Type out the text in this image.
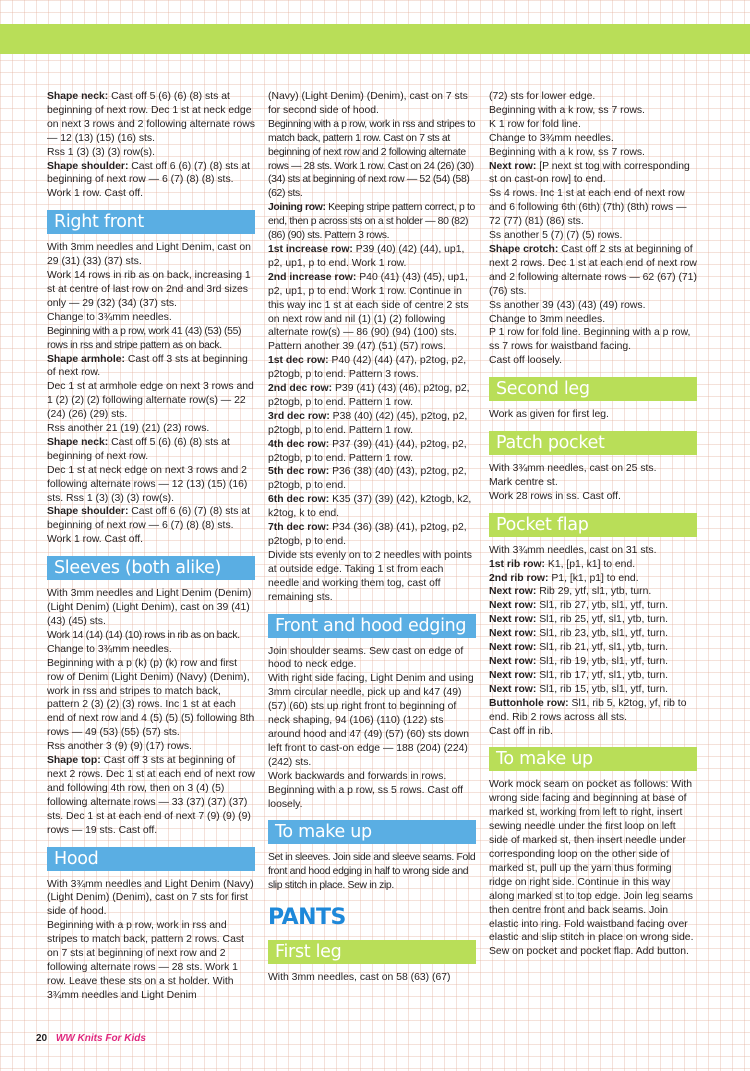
Shape neck: Cast off 5 (6) (6) (8) sts at beginning of next row. Dec 1 st at neck edge on next 3 rows and 2 following alternate rows — 12 (13) (15) (16) sts.

Rss 1 (3) (3) (3) row(s).

Shape shoulder: Cast off 6 (6) (7) (8) sts at beginning of next row — 6 (7) (8) (8) sts. Work 1 row. Cast off.

Right front

With 3mm needles and Light Denim, cast on 29 (31) (33) (37) sts.

Work 14 rows in rib as on back, increasing 1 st at centre of last row on 2nd and 3rd sizes only — 29 (32) (34) (37) sts.

Change to 3¾mm needles.

Beginning with a p row, work 41 (43) (53) (55) rows in rss and stripe pattern as on back.

Shape armhole: Cast off 3 sts at beginning of next row.

Dec 1 st at armhole edge on next 3 rows and 1 (2) (2) (2) following alternate row(s) — 22 (24) (26) (29) sts.

Rss another 21 (19) (21) (23) rows.

Shape neck: Cast off 5 (6) (6) (8) sts at beginning of next row.

Dec 1 st at neck edge on next 3 rows and 2 following alternate rows — 12 (13) (15) (16) sts. Rss 1 (3) (3) (3) row(s).

Shape shoulder: Cast off 6 (6) (7) (8) sts at beginning of next row — 6 (7) (8) (8) sts. Work 1 row. Cast off.

Sleeves (both alike)

With 3mm needles and Light Denim (Denim) (Light Denim) (Light Denim), cast on 39 (41) (43) (45) sts.

Work 14 (14) (14) (10) rows in rib as on back.

Change to 3¾mm needles.

Beginning with a p (k) (p) (k) row and first row of Denim (Light Denim) (Navy) (Denim), work in rss and stripes to match back, pattern 2 (3) (2) (3) rows. Inc 1 st at each end of next row and 4 (5) (5) (5) following 8th rows — 49 (53) (55) (57) sts.

Rss another 3 (9) (9) (17) rows.

Shape top: Cast off 3 sts at beginning of next 2 rows. Dec 1 st at each end of next row and following 4th row, then on 3 (4) (5) following alternate rows — 33 (37) (37) (37) sts. Dec 1 st at each end of next 7 (9) (9) (9) rows — 19 sts. Cast off.

Hood

With 3¾mm needles and Light Denim (Navy) (Light Denim) (Denim), cast on 7 sts for first side of hood.

Beginning with a p row, work in rss and stripes to match back, pattern 2 rows. Cast on 7 sts at beginning of next row and 2 following alternate rows — 28 sts. Work 1 row. Leave these sts on a st holder. With 3¾mm needles and Light Denim

(Navy) (Light Denim) (Denim), cast on 7 sts for second side of hood.

Beginning with a p row, work in rss and stripes to match back, pattern 1 row. Cast on 7 sts at beginning of next row and 2 following alternate rows — 28 sts. Work 1 row. Cast on 24 (26) (30) (34) sts at beginning of next row — 52 (54) (58) (62) sts.

Joining row: Keeping stripe pattern correct, p to end, then p across sts on a st holder — 80 (82) (86) (90) sts. Pattern 3 rows.

1st increase row: P39 (40) (42) (44), up1, p2, up1, p to end. Work 1 row.

2nd increase row: P40 (41) (43) (45), up1, p2, up1, p to end. Work 1 row. Continue in this way inc 1 st at each side of centre 2 sts on next row and nil (1) (1) (2) following alternate row(s) — 86 (90) (94) (100) sts. Pattern another 39 (47) (51) (57) rows.

1st dec row: P40 (42) (44) (47), p2tog, p2, p2togb, p to end. Pattern 3 rows.

2nd dec row: P39 (41) (43) (46), p2tog, p2, p2togb, p to end. Pattern 1 row.

3rd dec row: P38 (40) (42) (45), p2tog, p2, p2togb, p to end. Pattern 1 row.

4th dec row: P37 (39) (41) (44), p2tog, p2, p2togb, p to end. Pattern 1 row.

5th dec row: P36 (38) (40) (43), p2tog, p2, p2togb, p to end.

6th dec row: K35 (37) (39) (42), k2togb, k2, k2tog, k to end.

7th dec row: P34 (36) (38) (41), p2tog, p2, p2togb, p to end.

Divide sts evenly on to 2 needles with points at outside edge. Taking 1 st from each needle and working them tog, cast off remaining sts.

Front and hood edging

Join shoulder seams. Sew cast on edge of hood to neck edge.

With right side facing, Light Denim and using 3mm circular needle, pick up and k47 (49) (57) (60) sts up right front to beginning of neck shaping, 94 (106) (110) (122) sts around hood and 47 (49) (57) (60) sts down left front to cast-on edge — 188 (204) (224) (242) sts.

Work backwards and forwards in rows. Beginning with a p row, ss 5 rows. Cast off loosely.

To make up

Set in sleeves. Join side and sleeve seams. Fold front and hood edging in half to wrong side and slip stitch in place. Sew in zip.

PANTS
First leg

With 3mm needles, cast on 58 (63) (67)

(72) sts for lower edge.

Beginning with a k row, ss 7 rows.

K 1 row for fold line.

Change to 3¾mm needles.

Beginning with a k row, ss 7 rows.

Next row: [P next st tog with corresponding st on cast-on row] to end.

Ss 4 rows. Inc 1 st at each end of next row and 6 following 6th (6th) (7th) (8th) rows — 72 (77) (81) (86) sts.

Ss another 5 (7) (7) (5) rows.

Shape crotch: Cast off 2 sts at beginning of next 2 rows. Dec 1 st at each end of next row and 2 following alternate rows — 62 (67) (71) (76) sts.

Ss another 39 (43) (43) (49) rows.

Change to 3mm needles.

P 1 row for fold line. Beginning with a p row, ss 7 rows for waistband facing.

Cast off loosely.

Second leg

Work as given for first leg.

Patch pocket

With 3¾mm needles, cast on 25 sts.

Mark centre st.

Work 28 rows in ss. Cast off.

Pocket flap

With 3¾mm needles, cast on 31 sts.

1st rib row: K1, [p1, k1] to end.

2nd rib row: P1, [k1, p1] to end.

Next row: Rib 29, ytf, sl1, ytb, turn.

Next row: Sl1, rib 27, ytb, sl1, ytf, turn.

Next row: Sl1, rib 25, ytf, sl1, ytb, turn.

Next row: Sl1, rib 23, ytb, sl1, ytf, turn.

Next row: Sl1, rib 21, ytf, sl1, ytb, turn.

Next row: Sl1, rib 19, ytb, sl1, ytf, turn.

Next row: Sl1, rib 17, ytf, sl1, ytb, turn.

Next row: Sl1, rib 15, ytb, sl1, ytf, turn.

Buttonhole row: Sl1, rib 5, k2tog, yf, rib to end. Rib 2 rows across all sts.

Cast off in rib.

To make up

Work mock seam on pocket as follows: With wrong side facing and beginning at base of marked st, working from left to right, insert sewing needle under the first loop on left side of marked st, then insert needle under corresponding loop on the other side of marked st, pull up the yarn thus forming ridge on right side. Continue in this way along marked st to top edge. Join leg seams then centre front and back seams. Join elastic into ring. Fold waistband facing over elastic and slip stitch in place on wrong side. Sew on pocket and pocket flap. Add button.

20 WW Knits For Kids
